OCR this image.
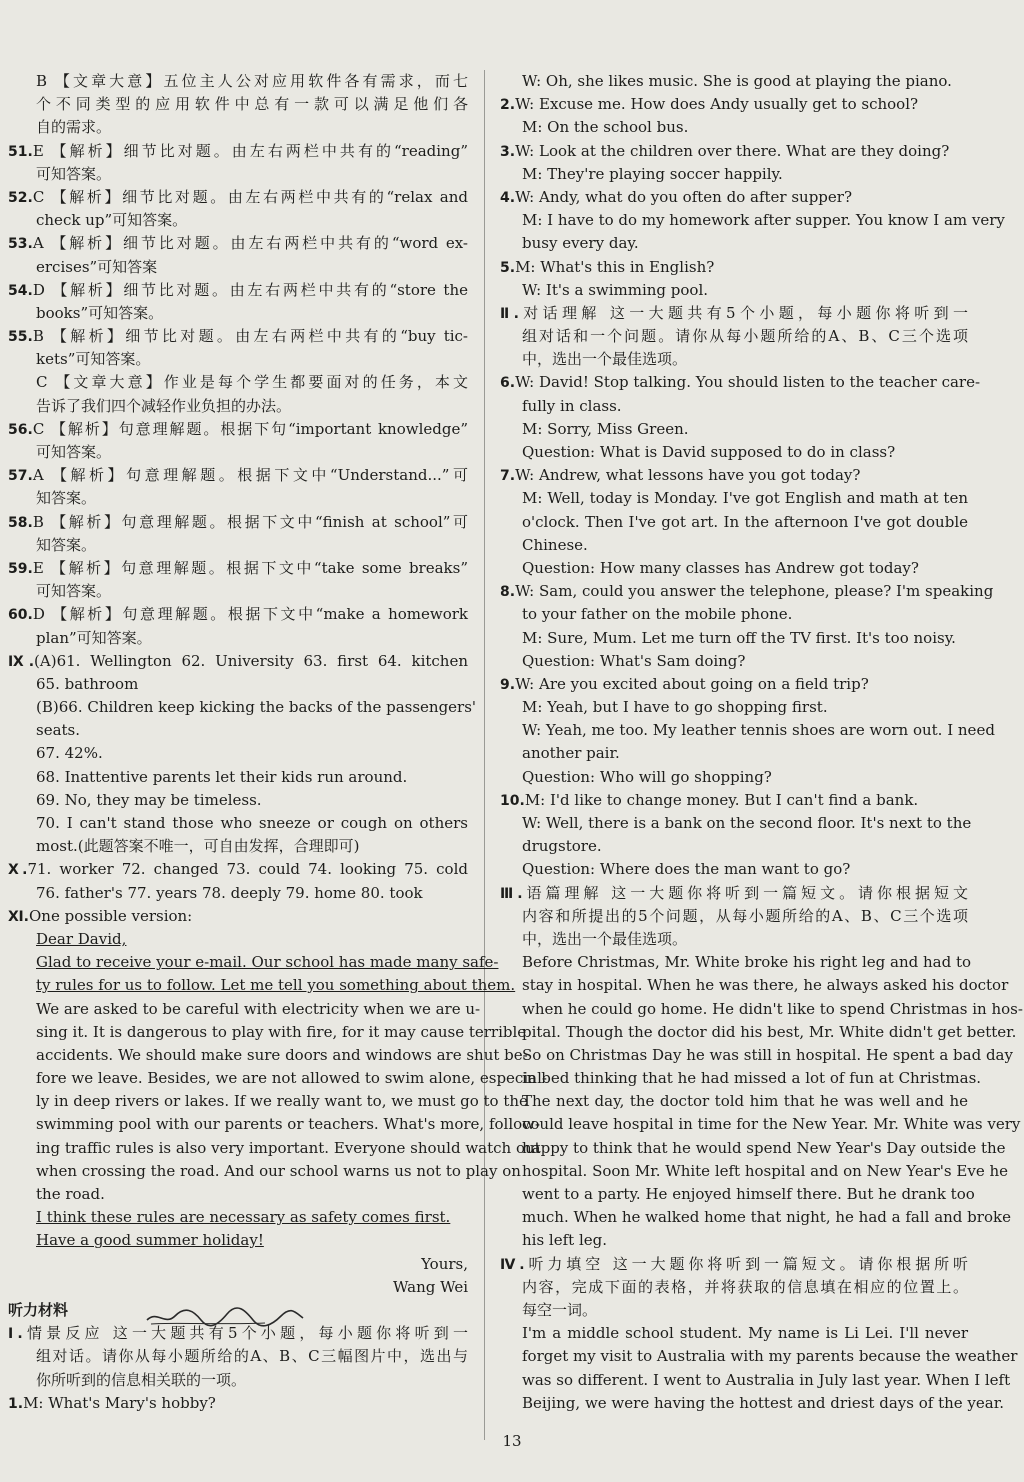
B 【文章大意】五位主人公对应用软件各有需求，而七
个不同类型的应用软件中总有一款可以满足他们各
自的需求。
51.E 【解析】细节比对题。由左右两栏中共有的“reading”
可知答案。
52.C 【解析】细节比对题。由左右两栏中共有的“relax and
check up”可知答案。
53.A 【解析】细节比对题。由左右两栏中共有的“word ex-
ercises”可知答案
54.D 【解析】细节比对题。由左右两栏中共有的“store the
books”可知答案。
55.B 【解析】细节比对题。由左右两栏中共有的“buy tic-
kets”可知答案。
C 【文章大意】作业是每个学生都要面对的任务，本文
告诉了我们四个减轻作业负担的办法。
56.C 【解析】句意理解题。根据下句“important knowledge”
可知答案。
57.A 【解析】句意理解题。根据下文中“Understand...”可
知答案。
58.B 【解析】句意理解题。根据下文中“finish at school”可
知答案。
59.E 【解析】句意理解题。根据下文中“take some breaks”
可知答案。
60.D 【解析】句意理解题。根据下文中“make a homework
plan”可知答案。
Ⅸ.(A)61. Wellington 62. University 63. first 64. kitchen
65. bathroom
(B)66. Children keep kicking the backs of the passengers'
seats.
67. 42%.
68. Inattentive parents let their kids run around.
69. No, they may be timeless.
70. I can't stand those who sneeze or cough on others
most.(此题答案不唯一，可自由发挥，合理即可)
Ⅹ.71. worker 72. changed 73. could 74. looking 75. cold
76. father's 77. years 78. deeply 79. home 80. took
Ⅺ.One possible version:
Dear David,
Glad to receive your e-mail. Our school has made many safe-
ty rules for us to follow. Let me tell you something about them.
We are asked to be careful with electricity when we are u-
sing it. It is dangerous to play with fire, for it may cause terrible
accidents. We should make sure doors and windows are shut be-
fore we leave. Besides, we are not allowed to swim alone, especial-
ly in deep rivers or lakes. If we really want to, we must go to the
swimming pool with our parents or teachers. What's more, follow-
ing traffic rules is also very important. Everyone should watch out
when crossing the road. And our school warns us not to play on
the road.
I think these rules are necessary as safety comes first.
Have a good summer holiday!
Yours,
Wang Wei
听力材料
Ⅰ.情景反应 这一大题共有5个小题，每小题你将听到一
组对话。请你从每小题所给的A、B、C三幅图片中，选出与
你所听到的信息相关联的一项。
1.M: What's Mary's hobby?
W: Oh, she likes music. She is good at playing the piano.
2.W: Excuse me. How does Andy usually get to school?
M: On the school bus.
3.W: Look at the children over there. What are they doing?
M: They're playing soccer happily.
4.W: Andy, what do you often do after supper?
M: I have to do my homework after supper. You know I am very
busy every day.
5.M: What's this in English?
W: It's a swimming pool.
Ⅱ.对话理解 这一大题共有5个小题，每小题你将听到一
组对话和一个问题。请你从每小题所给的A、B、C三个选项
中，选出一个最佳选项。
6.W: David! Stop talking. You should listen to the teacher care-
fully in class.
M: Sorry, Miss Green.
Question: What is David supposed to do in class?
7.W: Andrew, what lessons have you got today?
M: Well, today is Monday. I've got English and math at ten
o'clock. Then I've got art. In the afternoon I've got double
Chinese.
Question: How many classes has Andrew got today?
8.W: Sam, could you answer the telephone, please? I'm speaking
to your father on the mobile phone.
M: Sure, Mum. Let me turn off the TV first. It's too noisy.
Question: What's Sam doing?
9.W: Are you excited about going on a field trip?
M: Yeah, but I have to go shopping first.
W: Yeah, me too. My leather tennis shoes are worn out. I need
another pair.
Question: Who will go shopping?
10.M: I'd like to change money. But I can't find a bank.
W: Well, there is a bank on the second floor. It's next to the
drugstore.
Question: Where does the man want to go?
Ⅲ.语篇理解 这一大题你将听到一篇短文。请你根据短文
内容和所提出的5个问题，从每小题所给的A、B、C三个选项
中，选出一个最佳选项。
Before Christmas, Mr. White broke his right leg and had to
stay in hospital. When he was there, he always asked his doctor
when he could go home. He didn't like to spend Christmas in hos-
pital. Though the doctor did his best, Mr. White didn't get better.
So on Christmas Day he was still in hospital. He spent a bad day
in bed thinking that he had missed a lot of fun at Christmas.
The next day, the doctor told him that he was well and he
could leave hospital in time for the New Year. Mr. White was very
happy to think that he would spend New Year's Day outside the
hospital. Soon Mr. White left hospital and on New Year's Eve he
went to a party. He enjoyed himself there. But he drank too
much. When he walked home that night, he had a fall and broke
his left leg.
Ⅳ.听力填空 这一大题你将听到一篇短文。请你根据所听
内容，完成下面的表格，并将获取的信息填在相应的位置上。
每空一词。
I'm a middle school student. My name is Li Lei. I'll never
forget my visit to Australia with my parents because the weather
was so different. I went to Australia in July last year. When I left
Beijing, we were having the hottest and driest days of the year.
13
